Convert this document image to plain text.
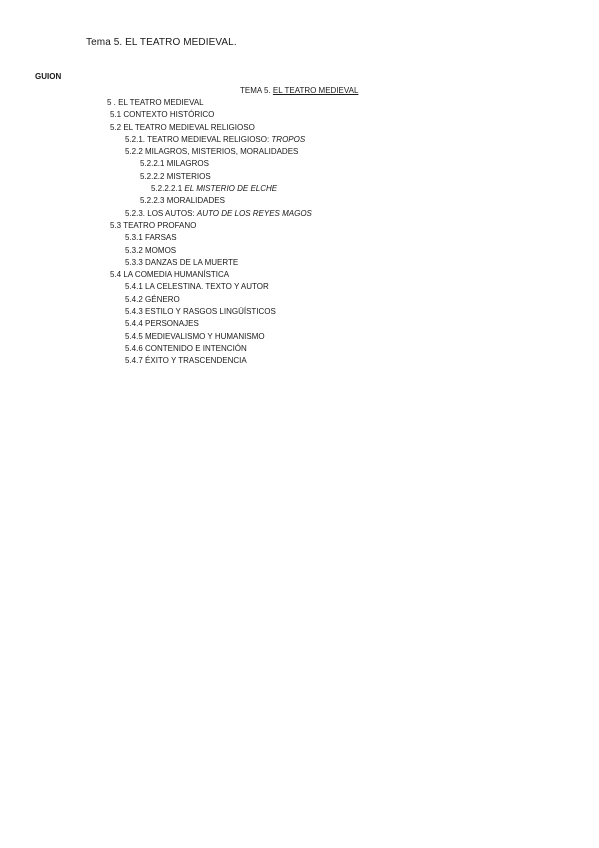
Tema 5. EL TEATRO MEDIEVAL.
GUION
TEMA 5. EL TEATRO MEDIEVAL
5 . EL TEATRO MEDIEVAL
5.1 CONTEXTO HISTÓRICO
5.2 EL TEATRO MEDIEVAL RELIGIOSO
5.2.1. TEATRO MEDIEVAL RELIGIOSO: TROPOS
5.2.2 MILAGROS, MISTERIOS, MORALIDADES
5.2.2.1 MILAGROS
5.2.2.2 MISTERIOS
5.2.2.2.1 EL MISTERIO DE ELCHE
5.2.2.3 MORALIDADES
5.2.3. LOS AUTOS: AUTO DE LOS REYES MAGOS
5.3 TEATRO PROFANO
5.3.1 FARSAS
5.3.2 MOMOS
5.3.3 DANZAS DE LA MUERTE
5.4 LA COMEDIA HUMANÍSTICA
5.4.1 LA CELESTINA. TEXTO Y AUTOR
5.4.2 GÉNERO
5.4.3 ESTILO Y RASGOS LINGÜÍSTICOS
5.4.4 PERSONAJES
5.4.5 MEDIEVALISMO Y HUMANISMO
5.4.6 CONTENIDO E INTENCIÓN
5.4.7 ÉXITO Y TRASCENDENCIA
